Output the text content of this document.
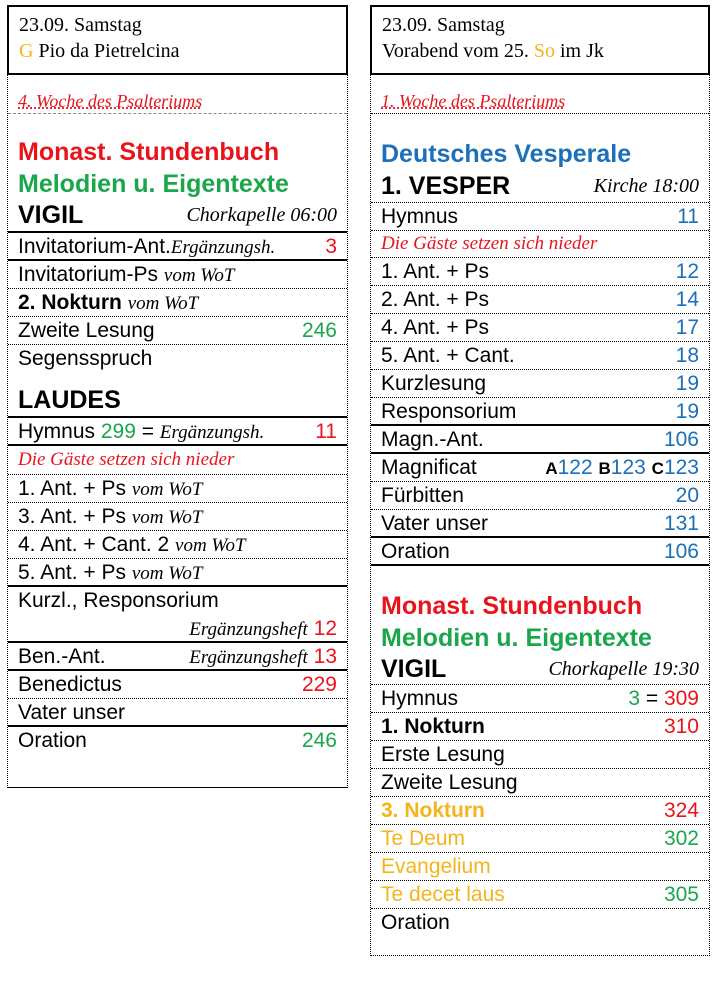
23.09. Samstag
G Pio da Pietrelcina
4. Woche des Psalteriums
Monast. Stundenbuch
Melodien u. Eigentexte
VIGIL	Chorkapelle 06:00
Invitatorium-Ant.Ergänzungsh. 3
Invitatorium-Ps vom WoT
2. Nokturn vom WoT
Zweite Lesung	246
Segensspruch
LAUDES
Hymnus 299 = Ergänzungsh. 11
Die Gäste setzen sich nieder
1. Ant. + Ps vom WoT
3. Ant. + Ps vom WoT
4. Ant. + Cant. 2 vom WoT
5. Ant. + Ps vom WoT
Kurzl., Responsorium
Ergänzungsheft 12
Ben.-Ant.	Ergänzungsheft 13
Benedictus	229
Vater unser
Oration	246
23.09. Samstag
Vorabend vom 25. So im Jk
1. Woche des Psalteriums
Deutsches Vesperale
1. VESPER	Kirche 18:00
Hymnus	11
Die Gäste setzen sich nieder
1. Ant. + Ps	12
2. Ant. + Ps	14
4. Ant. + Ps	17
5. Ant. + Cant.	18
Kurzlesung	19
Responsorium	19
Magn.-Ant.	106
Magnificat	A122 B123 C123
Fürbitten	20
Vater unser	131
Oration	106
Monast. Stundenbuch
Melodien u. Eigentexte
VIGIL	Chorkapelle 19:30
Hymnus	3 = 309
1. Nokturn	310
Erste Lesung
Zweite Lesung
3. Nokturn	324
Te Deum	302
Evangelium
Te decet laus	305
Oration
